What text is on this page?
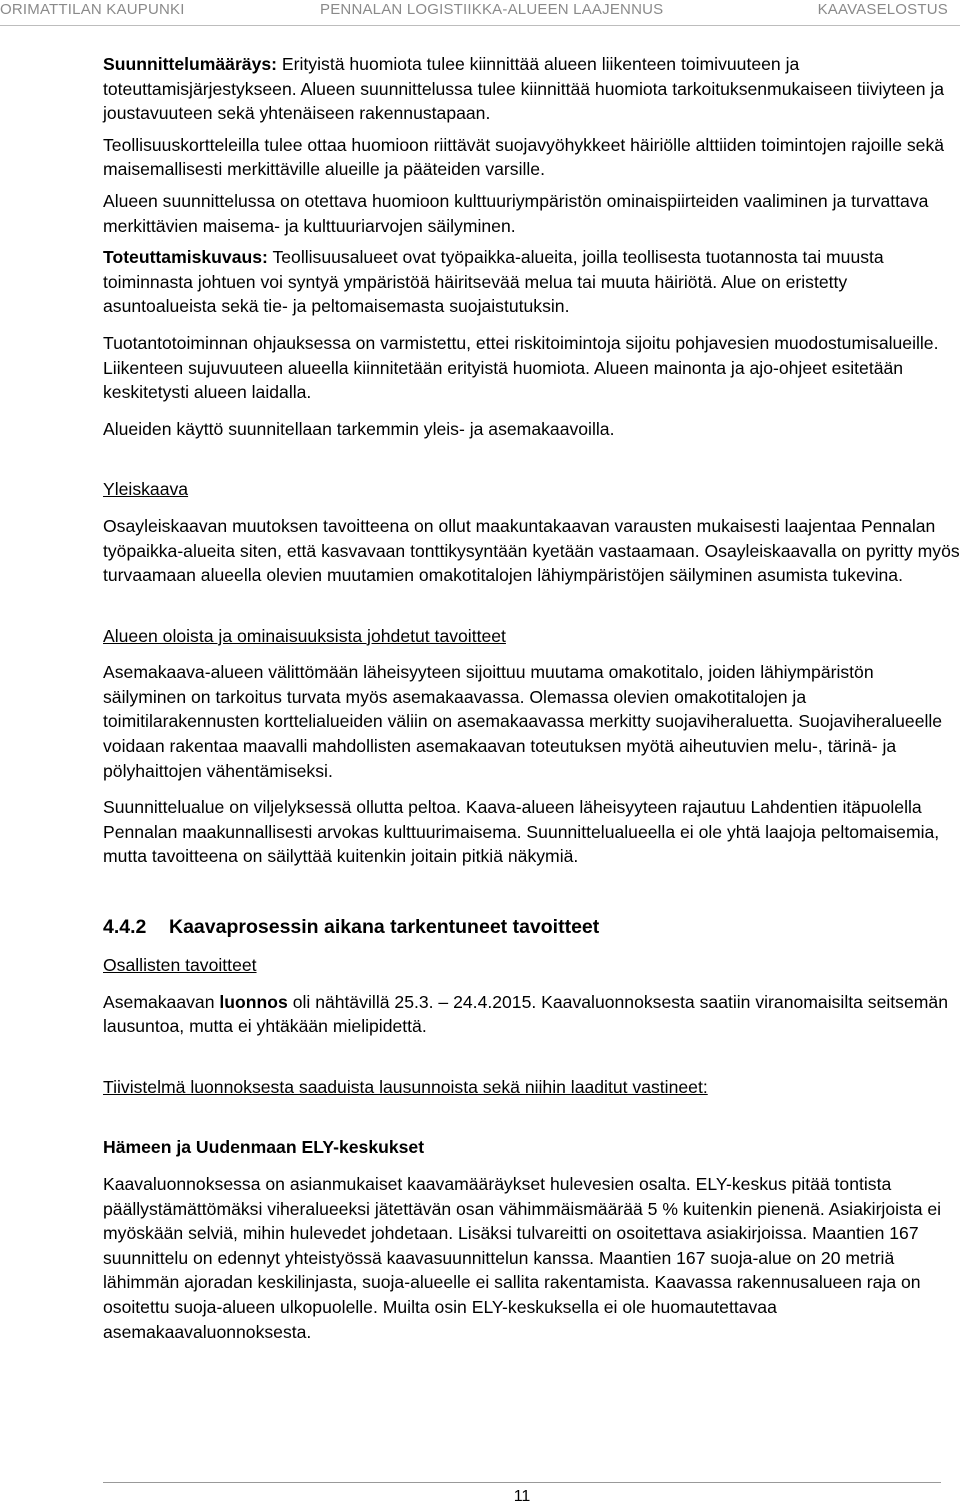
ORIMATTILAN KAUPUNKI	PENNALAN LOGISTIIKKA-ALUEEN LAAJENNUS	KAAVASELOSTUS

Suunnittelumääräys: Erityistä huomiota tulee kiinnittää alueen liikenteen toimivuuteen ja toteuttamisjärjestykseen. Alueen suunnittelussa tulee kiinnittää huomiota tarkoituksenmukaiseen tiiviyteen ja joustavuuteen sekä yhtenäiseen rakennustapaan.

Teollisuuskortteleilla tulee ottaa huomioon riittävät suojavyöhykkeet häiriölle alttiiden toimintojen rajoille sekä maisemallisesti merkittäville alueille ja pääteiden varsille.

Alueen suunnittelussa on otettava huomioon kulttuuriympäristön ominaispiirteiden vaaliminen ja turvattava merkittävien maisema- ja kulttuuriarvojen säilyminen.

Toteuttamiskuvaus: Teollisuusalueet ovat työpaikka-alueita, joilla teollisesta tuotannosta tai muusta toiminnasta johtuen voi syntyä ympäristöä häiritsevää melua tai muuta häiriötä. Alue on eristetty asuntoalueista sekä tie- ja peltomaisemasta suojaistutuksin.

Tuotantotoiminnan ohjauksessa on varmistettu, ettei riskitoimintoja sijoitu pohjavesien muodostumisalueille. Liikenteen sujuvuuteen alueella kiinnitetään erityistä huomiota. Alueen mainonta ja ajo-ohjeet esitetään keskitetysti alueen laidalla.

Alueiden käyttö suunnitellaan tarkemmin yleis- ja asemakaavoilla.

Yleiskaava

Osayleiskaavan muutoksen tavoitteena on ollut maakuntakaavan varausten mukaisesti laajentaa Pennalan työpaikka-alueita siten, että kasvavaan tonttikysyntään kyetään vastaamaan. Osayleiskaavalla on pyritty myös turvaamaan alueella olevien muutamien omakotitalojen lähiympäristöjen säilyminen asumista tukevina.

Alueen oloista ja ominaisuuksista johdetut tavoitteet

Asemakaava-alueen välittömään läheisyyteen sijoittuu muutama omakotitalo, joiden lähiympäristön säilyminen on tarkoitus turvata myös asemakaavassa. Olemassa olevien omakotitalojen ja toimitilarakennusten korttelialueiden väliin on asemakaavassa merkitty suojaviheraluetta. Suojaviheralueelle voidaan rakentaa maavalli mahdollisten asemakaavan toteutuksen myötä aiheutuvien melu-, tärinä- ja pölyhaittojen vähentämiseksi.

Suunnittelualue on viljelyksessä ollutta peltoa. Kaava-alueen läheisyyteen rajautuu Lahdentien itäpuolella Pennalan maakunnallisesti arvokas kulttuurimaisema. Suunnittelualueella ei ole yhtä laajoja peltomaisemia, mutta tavoitteena on säilyttää kuitenkin joitain pitkiä näkymiä.

4.4.2 Kaavaprosessin aikana tarkentuneet tavoitteet

Osallisten tavoitteet

Asemakaavan luonnos oli nähtävillä 25.3. – 24.4.2015. Kaavaluonnoksesta saatiin viranomaisilta seitsemän lausuntoa, mutta ei yhtäkään mielipidettä.

Tiivistelmä luonnoksesta saaduista lausunnoista sekä niihin laaditut vastineet:

Hämeen ja Uudenmaan ELY-keskukset

Kaavaluonnoksessa on asianmukaiset kaavamääräykset hulevesien osalta. ELY-keskus pitää tontista päällystämättömäksi viheralueeksi jätettävän osan vähimmäismäärää 5 % kuitenkin pienenä. Asiakirjoista ei myöskään selviä, mihin hulevedet johdetaan. Lisäksi tulvareitti on osoitettava asiakirjoissa. Maantien 167 suunnittelu on edennyt yhteistyössä kaavasuunnittelun kanssa. Maantien 167 suoja-alue on 20 metriä lähimmän ajoradan keskilinjasta, suoja-alueelle ei sallita rakentamista. Kaavassa rakennusalueen raja on osoitettu suoja-alueen ulkopuolelle. Muilta osin ELY-keskuksella ei ole huomautettavaa asemakaavaluonnoksesta.

11
